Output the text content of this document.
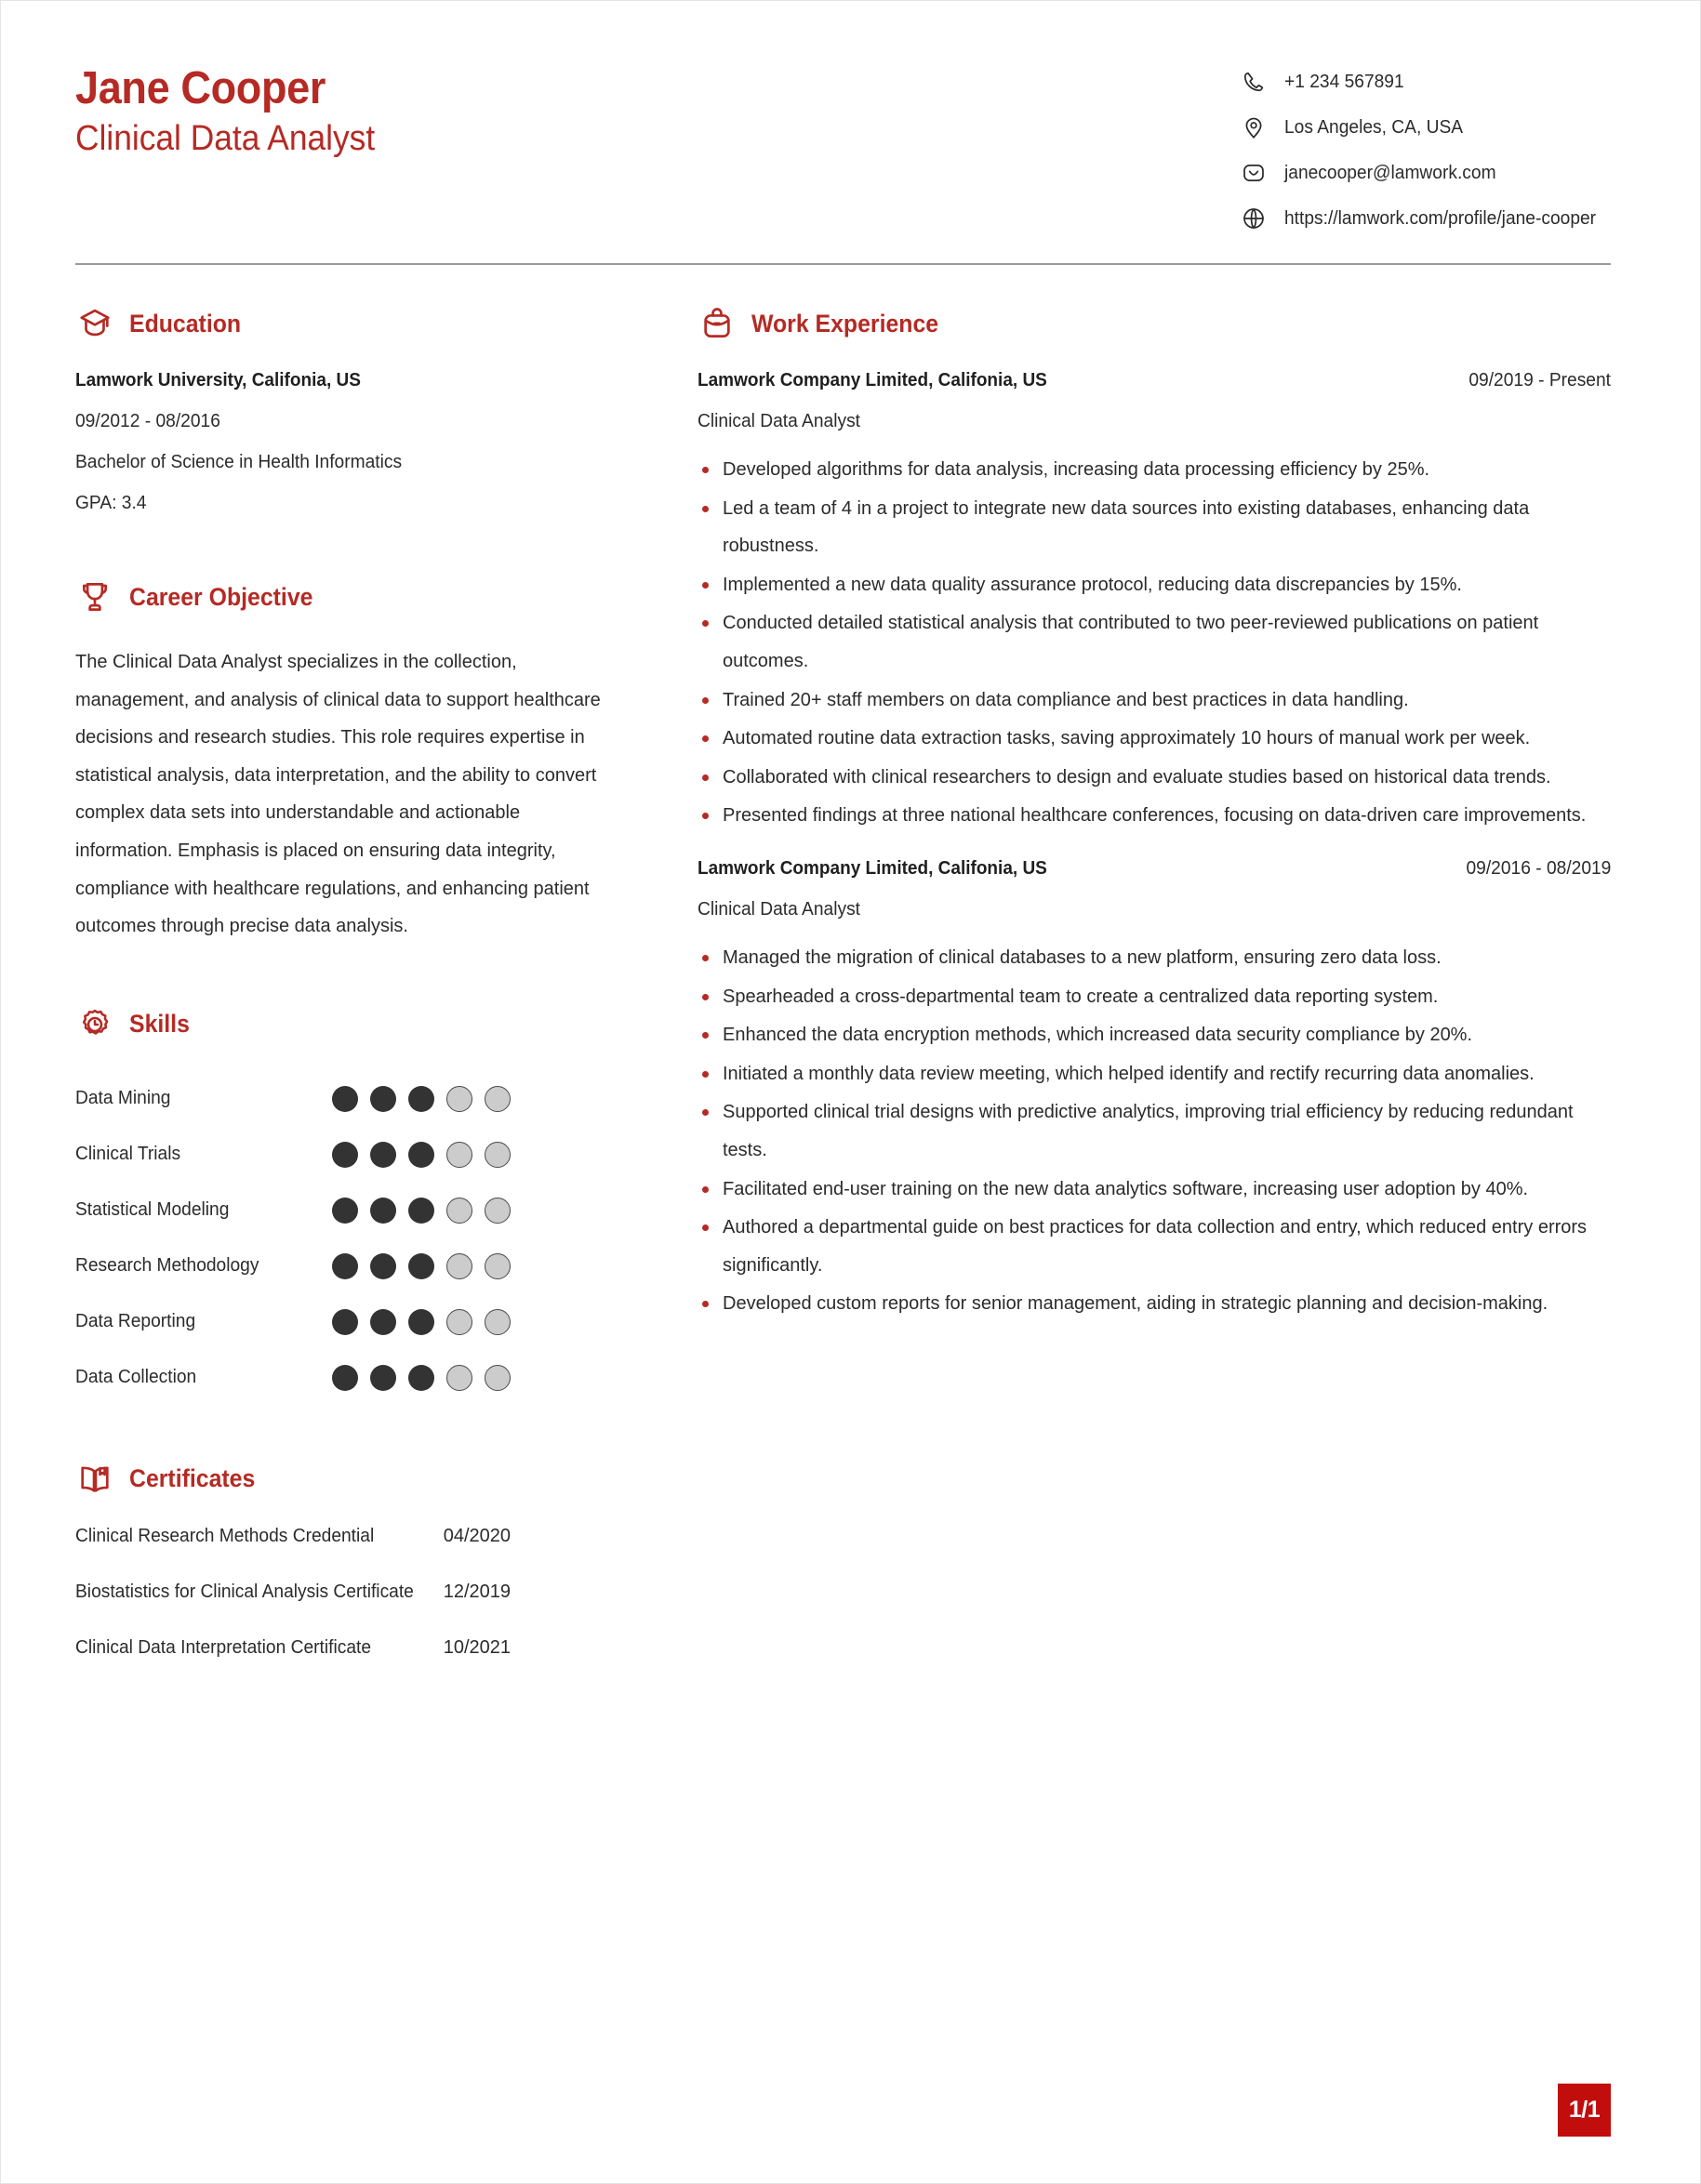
Jane Cooper
Clinical Data Analyst
+1 234 567891
Los Angeles, CA, USA
janecooper@lamwork.com
https://lamwork.com/profile/jane-cooper
Education
Lamwork University, Califonia, US
09/2012 - 08/2016
Bachelor of Science in Health Informatics
GPA: 3.4
Career Objective
The Clinical Data Analyst specializes in the collection, management, and analysis of clinical data to support healthcare decisions and research studies. This role requires expertise in statistical analysis, data interpretation, and the ability to convert complex data sets into understandable and actionable information. Emphasis is placed on ensuring data integrity, compliance with healthcare regulations, and enhancing patient outcomes through precise data analysis.
Skills
Data Mining
Clinical Trials
Statistical Modeling
Research Methodology
Data Reporting
Data Collection
Certificates
Clinical Research Methods Credential	04/2020
Biostatistics for Clinical Analysis Certificate 12/2019
Clinical Data Interpretation Certificate	10/2021
Work Experience
Lamwork Company Limited, Califonia, US	09/2019 - Present
Clinical Data Analyst
Developed algorithms for data analysis, increasing data processing efficiency by 25%.
Led a team of 4 in a project to integrate new data sources into existing databases, enhancing data robustness.
Implemented a new data quality assurance protocol, reducing data discrepancies by 15%.
Conducted detailed statistical analysis that contributed to two peer-reviewed publications on patient outcomes.
Trained 20+ staff members on data compliance and best practices in data handling.
Automated routine data extraction tasks, saving approximately 10 hours of manual work per week.
Collaborated with clinical researchers to design and evaluate studies based on historical data trends.
Presented findings at three national healthcare conferences, focusing on data-driven care improvements.
Lamwork Company Limited, Califonia, US	09/2016 - 08/2019
Clinical Data Analyst
Managed the migration of clinical databases to a new platform, ensuring zero data loss.
Spearheaded a cross-departmental team to create a centralized data reporting system.
Enhanced the data encryption methods, which increased data security compliance by 20%.
Initiated a monthly data review meeting, which helped identify and rectify recurring data anomalies.
Supported clinical trial designs with predictive analytics, improving trial efficiency by reducing redundant tests.
Facilitated end-user training on the new data analytics software, increasing user adoption by 40%.
Authored a departmental guide on best practices for data collection and entry, which reduced entry errors significantly.
Developed custom reports for senior management, aiding in strategic planning and decision-making.
1/1
